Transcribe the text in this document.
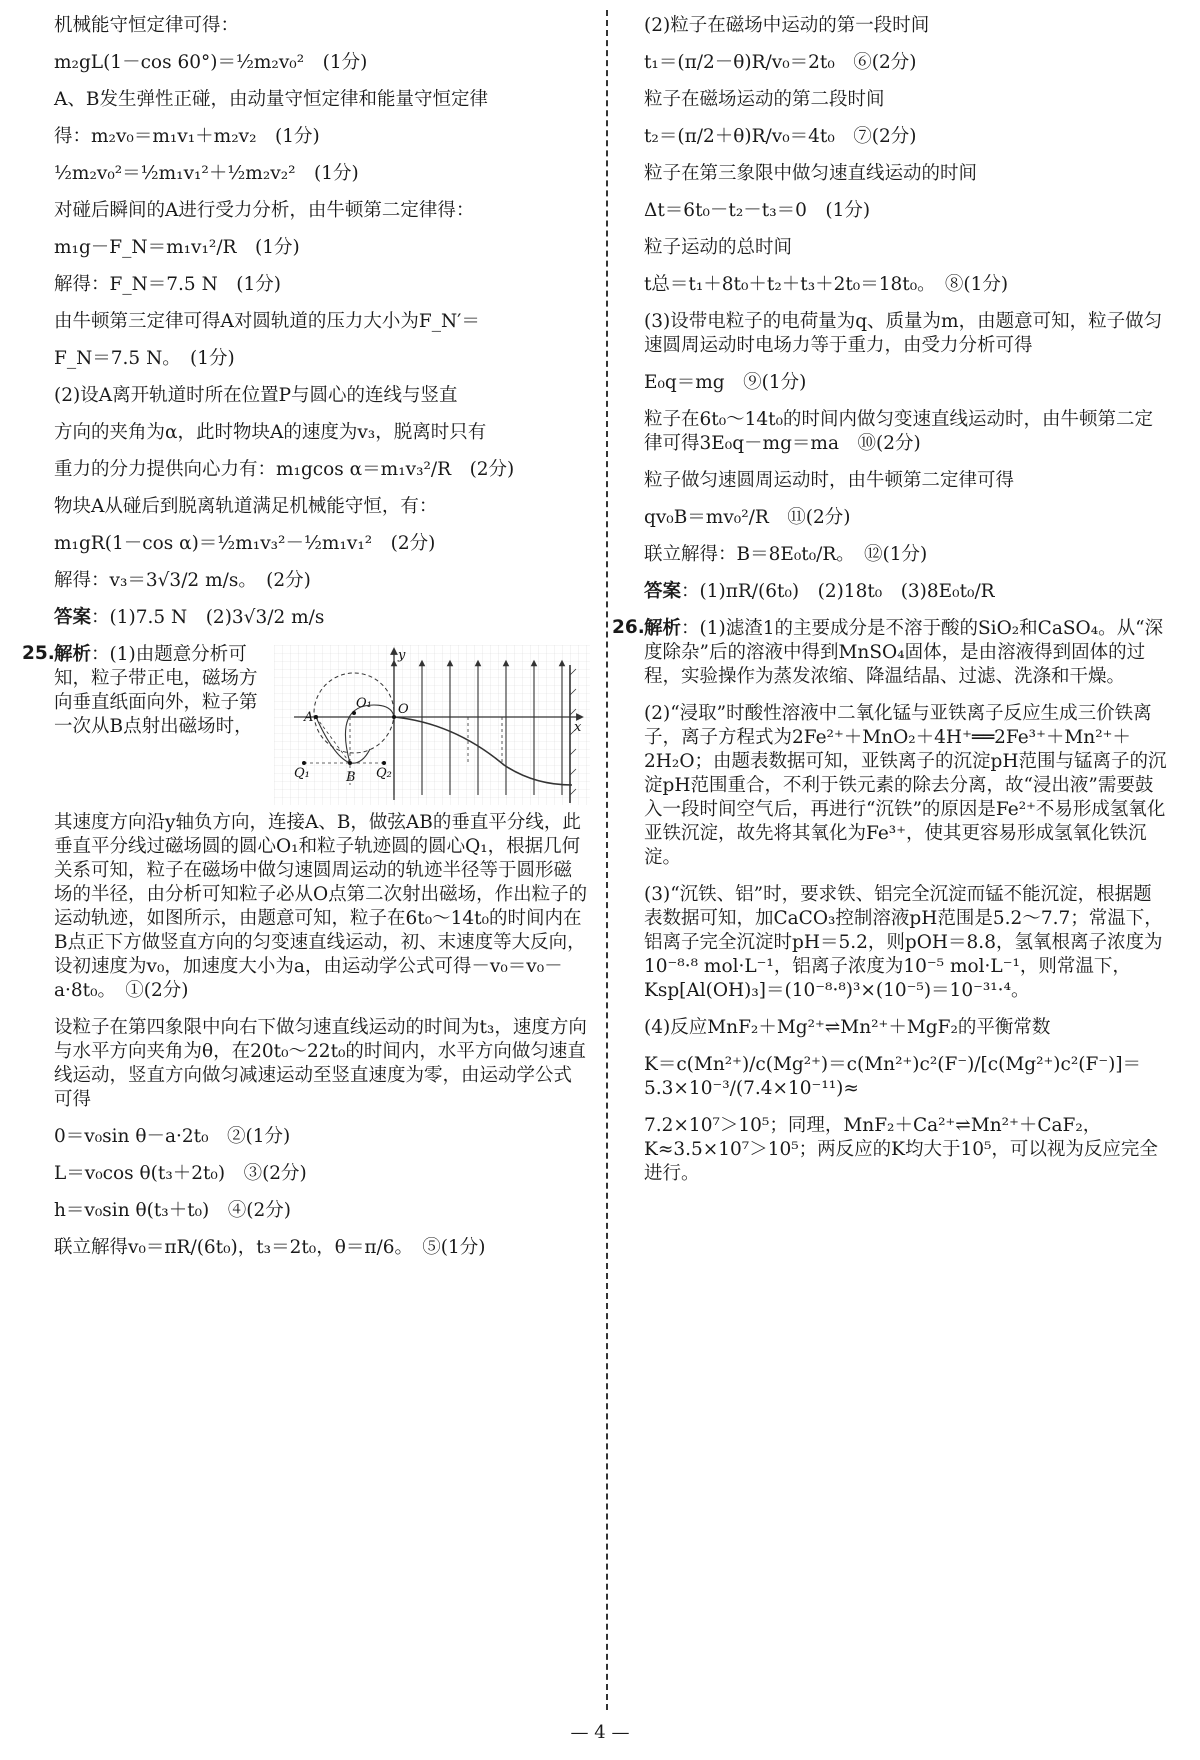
机械能守恒定律可得：
m₂gL(1－cos 60°)＝½m₂v₀²　(1分)
A、B发生弹性正碰，由动量守恒定律和能量守恒定律
得：m₂v₀＝m₁v₁＋m₂v₂　(1分)
½m₂v₀²＝½m₁v₁²＋½m₂v₂²　(1分)
对碰后瞬间的A进行受力分析，由牛顿第二定律得：
m₁g－F_N＝m₁v₁²/R　(1分)
解得：F_N＝7.5 N　(1分)
由牛顿第三定律可得A对圆轨道的压力大小为F_N′＝
F_N＝7.5 N。　(1分)
(2)设A离开轨道时所在位置P与圆心的连线与竖直
方向的夹角为α，此时物块A的速度为v₃，脱离时只有
重力的分力提供向心力有：m₁gcos α＝m₁v₃²/R　(2分)
物块A从碰后到脱离轨道满足机械能守恒，有：
m₁gR(1－cos α)＝½m₁v₃²－½m₁v₁²　(2分)
解得：v₃＝3√3/2 m/s。　(2分)
答案：(1)7.5 N　(2)3√3/2 m/s
25.	y
x
A
O₁ O
Q₁	B Q₂
解析：(1)由题意分析可知，粒子带正电，磁场方向垂直纸面向外，粒子第一次从B点射出磁场时，
其速度方向沿y轴负方向，连接A、B，做弦AB的垂直平分线，此垂直平分线过磁场圆的圆心O₁和粒子轨迹圆的圆心Q₁，根据几何关系可知，粒子在磁场中做匀速圆周运动的轨迹半径等于圆形磁场的半径，由分析可知粒子必从O点第二次射出磁场，作出粒子的运动轨迹，如图所示，由题意可知，粒子在6t₀～14t₀的时间内在B点正下方做竖直方向的匀变速直线运动，初、末速度等大反向，设初速度为v₀，加速度大小为a，由运动学公式可得－v₀＝v₀－a·8t₀。　①(2分)
设粒子在第四象限中向右下做匀速直线运动的时间为t₃，速度方向与水平方向夹角为θ，在20t₀～22t₀的时间内，水平方向做匀速直线运动，竖直方向做匀减速运动至竖直速度为零，由运动学公式可得
0＝v₀sin θ－a·2t₀　②(1分)
L＝v₀cos θ(t₃＋2t₀)　③(2分)
h＝v₀sin θ(t₃＋t₀)　④(2分)
联立解得v₀＝πR/(6t₀)，t₃＝2t₀，θ＝π/6。　⑤(1分)
(2)粒子在磁场中运动的第一段时间
t₁＝(π/2－θ)R/v₀＝2t₀　⑥(2分)
粒子在磁场运动的第二段时间
t₂＝(π/2＋θ)R/v₀＝4t₀　⑦(2分)
粒子在第三象限中做匀速直线运动的时间
Δt＝6t₀－t₂－t₃＝0　(1分)
粒子运动的总时间
t总＝t₁＋8t₀＋t₂＋t₃＋2t₀＝18t₀。　⑧(1分)
(3)设带电粒子的电荷量为q、质量为m，由题意可知，粒子做匀速圆周运动时电场力等于重力，由受力分析可得
E₀q＝mg　⑨(1分)
粒子在6t₀～14t₀的时间内做匀变速直线运动时，由牛顿第二定律可得3E₀q－mg＝ma　⑩(2分)
粒子做匀速圆周运动时，由牛顿第二定律可得
qv₀B＝mv₀²/R　⑪(2分)
联立解得：B＝8E₀t₀/R。　⑫(1分)
答案：(1)πR/(6t₀)　(2)18t₀　(3)8E₀t₀/R
26. 解析：(1)滤渣1的主要成分是不溶于酸的SiO₂和CaSO₄。从“深度除杂”后的溶液中得到MnSO₄固体，是由溶液得到固体的过程，实验操作为蒸发浓缩、降温结晶、过滤、洗涤和干燥。
(2)“浸取”时酸性溶液中二氧化锰与亚铁离子反应生成三价铁离子，离子方程式为2Fe²⁺＋MnO₂＋4H⁺══2Fe³⁺＋Mn²⁺＋2H₂O；由题表数据可知，亚铁离子的沉淀pH范围与锰离子的沉淀pH范围重合，不利于铁元素的除去分离，故“浸出液”需要鼓入一段时间空气后，再进行“沉铁”的原因是Fe²⁺不易形成氢氧化亚铁沉淀，故先将其氧化为Fe³⁺，使其更容易形成氢氧化铁沉淀。
(3)“沉铁、铝”时，要求铁、铝完全沉淀而锰不能沉淀，根据题表数据可知，加CaCO₃控制溶液pH范围是5.2～7.7；常温下，铝离子完全沉淀时pH＝5.2，则pOH＝8.8，氢氧根离子浓度为10⁻⁸·⁸ mol·L⁻¹，铝离子浓度为10⁻⁵ mol·L⁻¹，则常温下，Ksp[Al(OH)₃]＝(10⁻⁸·⁸)³×(10⁻⁵)＝10⁻³¹·⁴。
(4)反应MnF₂＋Mg²⁺⇌Mn²⁺＋MgF₂的平衡常数
K＝c(Mn²⁺)/c(Mg²⁺)＝c(Mn²⁺)c²(F⁻)/[c(Mg²⁺)c²(F⁻)]＝5.3×10⁻³/(7.4×10⁻¹¹)≈
7.2×10⁷＞10⁵；同理，MnF₂＋Ca²⁺⇌Mn²⁺＋CaF₂，K≈3.5×10⁷＞10⁵；两反应的K均大于10⁵，可以视为反应完全进行。
— 4 —
